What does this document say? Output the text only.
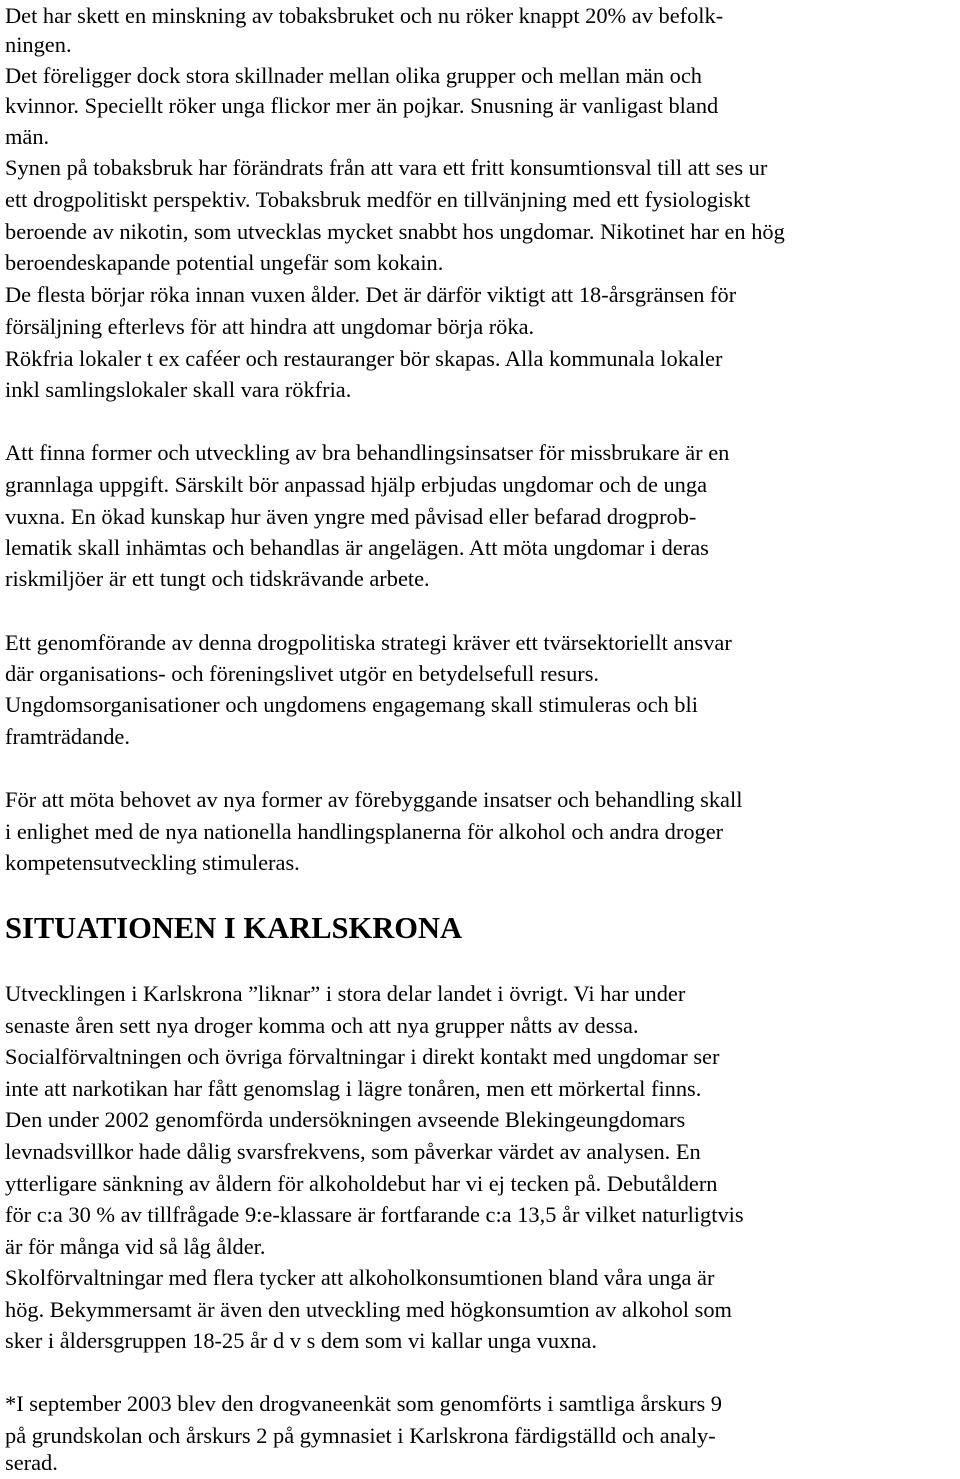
Det har skett en minskning av tobaksbruket och nu röker knappt 20% av befolk-
ningen.
Det föreligger dock stora skillnader mellan olika grupper och mellan män och
kvinnor. Speciellt röker unga flickor mer än pojkar. Snusning är vanligast bland
män.
Synen på tobaksbruk har förändrats från att vara ett fritt konsumtionsval till att ses ur
ett drogpolitiskt perspektiv. Tobaksbruk medför en tillvänjning med ett fysiologiskt
beroende av nikotin, som utvecklas mycket snabbt hos ungdomar. Nikotinet har en hög
beroendeskapande potential ungefär som kokain.
De flesta börjar röka innan vuxen ålder. Det är därför viktigt att 18-årsgränsen för
försäljning efterlevs för att hindra att ungdomar börja röka.
Rökfria lokaler t ex caféer och restauranger bör skapas. Alla kommunala lokaler
inkl samlingslokaler skall vara rökfria.
Att finna former och utveckling av bra behandlingsinsatser för missbrukare är en
grannlaga uppgift. Särskilt bör anpassad hjälp erbjudas ungdomar och de unga
vuxna. En ökad kunskap hur även yngre med påvisad eller befarad drogprob-
lematik skall inhämtas och behandlas är angelägen. Att möta ungdomar i deras
riskmiljöer är ett tungt och tidskrävande arbete.
Ett genomförande av denna drogpolitiska strategi kräver ett tvärsektoriellt ansvar
där organisations- och föreningslivet utgör en betydelsefull resurs.
Ungdomsorganisationer och ungdomens engagemang skall stimuleras och bli
framträdande.
För att möta behovet av nya former av förebyggande insatser och behandling skall
i enlighet med de nya nationella handlingsplanerna för alkohol och andra droger
kompetensutveckling stimuleras.
SITUATIONEN I KARLSKRONA
Utvecklingen i Karlskrona ”liknar” i stora delar landet i övrigt. Vi har under
senaste åren sett nya droger komma och att nya grupper nåtts av dessa.
Socialförvaltningen och övriga förvaltningar i direkt kontakt med ungdomar ser
inte att narkotikan har fått genomslag i lägre tonåren, men ett mörkertal finns.
Den under 2002 genomförda undersökningen avseende Blekingeungdomars
levnadsvillkor hade dålig svarsfrekvens, som påverkar värdet av analysen. En
ytterligare sänkning av åldern för alkoholdebut har vi ej tecken på. Debutåldern
för c:a 30 % av tillfrågade 9:e-klassare är fortfarande c:a 13,5 år vilket naturligtvis
är för många vid så låg ålder.
Skolförvaltningar med flera tycker att alkoholkonsumtionen bland våra unga är
hög. Bekymmersamt är även den utveckling med högkonsumtion av alkohol som
sker i åldersgruppen 18-25 år d v s dem som vi kallar unga vuxna.
*I september 2003 blev den drogvaneenkät som genomförts i samtliga årskurs 9
på grundskolan och årskurs 2 på gymnasiet i Karlskrona färdigställd och analy-
serad.
